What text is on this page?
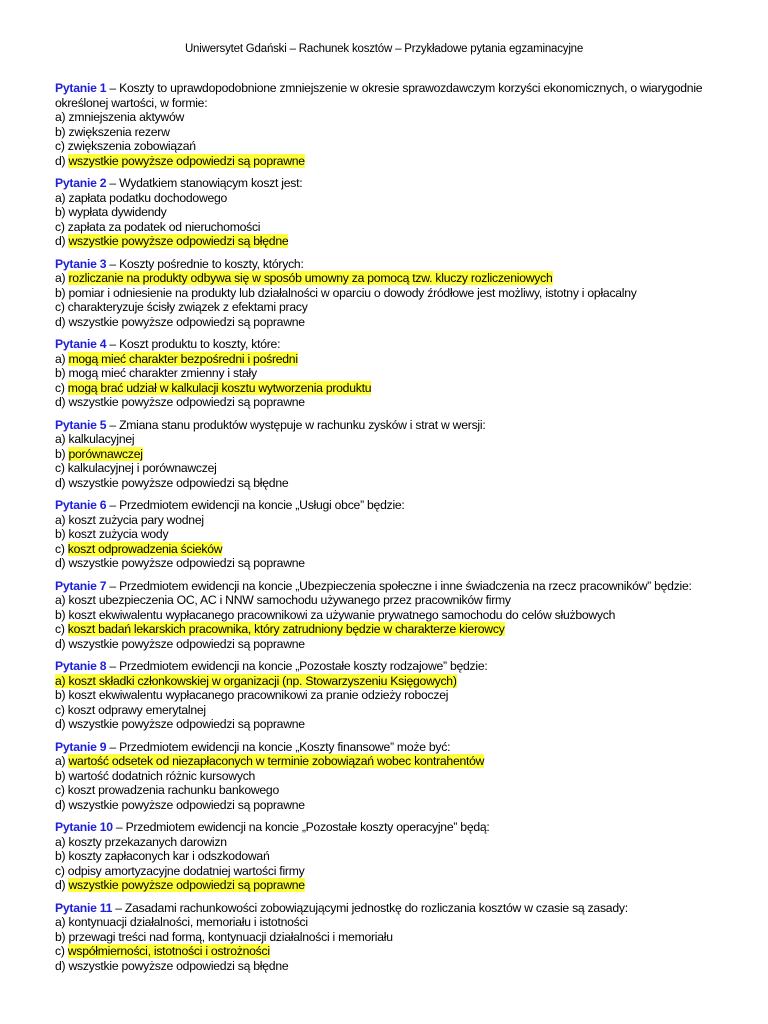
Uniwersytet Gdański – Rachunek kosztów – Przykładowe pytania egzaminacyjne
Pytanie 1 – Koszty to uprawdopodobnione zmniejszenie w okresie sprawozdawczym korzyści ekonomicznych, o wiarygodnie
określonej wartości, w formie:
a) zmniejszenia aktywów
b) zwiększenia rezerw
c) zwiększenia zobowiązań
d) wszystkie powyższe odpowiedzi są poprawne
Pytanie 2 – Wydatkiem stanowiącym koszt jest:
a) zapłata podatku dochodowego
b) wypłata dywidendy
c) zapłata za podatek od nieruchomości
d) wszystkie powyższe odpowiedzi są błędne
Pytanie 3 – Koszty pośrednie to koszty, których:
a) rozliczanie na produkty odbywa się w sposób umowny za pomocą tzw. kluczy rozliczeniowych
b) pomiar i odniesienie na produkty lub działalności w oparciu o dowody źródłowe jest możliwy, istotny i opłacalny
c) charakteryzuje ścisły związek z efektami pracy
d) wszystkie powyższe odpowiedzi są poprawne
Pytanie 4 – Koszt produktu to koszty, które:
a) mogą mieć charakter bezpośredni i pośredni
b) mogą mieć charakter zmienny i stały
c) mogą brać udział w kalkulacji kosztu wytworzenia produktu
d) wszystkie powyższe odpowiedzi są poprawne
Pytanie 5 – Zmiana stanu produktów występuje w rachunku zysków i strat w wersji:
a) kalkulacyjnej
b) porównawczej
c) kalkulacyjnej i porównawczej
d) wszystkie powyższe odpowiedzi są błędne
Pytanie 6 – Przedmiotem ewidencji na koncie „Usługi obce” będzie:
a) koszt zużycia pary wodnej
b) koszt zużycia wody
c) koszt odprowadzenia ścieków
d) wszystkie powyższe odpowiedzi są poprawne
Pytanie 7 – Przedmiotem ewidencji na koncie „Ubezpieczenia społeczne i inne świadczenia na rzecz pracowników” będzie:
a) koszt ubezpieczenia OC, AC i NNW samochodu używanego przez pracowników firmy
b) koszt ekwiwalentu wypłacanego pracownikowi za używanie prywatnego samochodu do celów służbowych
c) koszt badań lekarskich pracownika, który zatrudniony będzie w charakterze kierowcy
d) wszystkie powyższe odpowiedzi są poprawne
Pytanie 8 – Przedmiotem ewidencji na koncie „Pozostałe koszty rodzajowe” będzie:
a) koszt składki członkowskiej w organizacji (np. Stowarzyszeniu Księgowych)
b) koszt ekwiwalentu wypłacanego pracownikowi za pranie odzieży roboczej
c) koszt odprawy emerytalnej
d) wszystkie powyższe odpowiedzi są poprawne
Pytanie 9 – Przedmiotem ewidencji na koncie „Koszty finansowe” może być:
a) wartość odsetek od niezapłaconych w terminie zobowiązań wobec kontrahentów
b) wartość dodatnich różnic kursowych
c) koszt prowadzenia rachunku bankowego
d) wszystkie powyższe odpowiedzi są poprawne
Pytanie 10 – Przedmiotem ewidencji na koncie „Pozostałe koszty operacyjne” będą:
a) koszty przekazanych darowizn
b) koszty zapłaconych kar i odszkodowań
c) odpisy amortyzacyjne dodatniej wartości firmy
d) wszystkie powyższe odpowiedzi są poprawne
Pytanie 11 – Zasadami rachunkowości zobowiązującymi jednostkę do rozliczania kosztów w czasie są zasady:
a) kontynuacji działalności, memoriału i istotności
b) przewagi treści nad formą, kontynuacji działalności i memoriału
c) współmierności, istotności i ostrożności
d) wszystkie powyższe odpowiedzi są błędne
